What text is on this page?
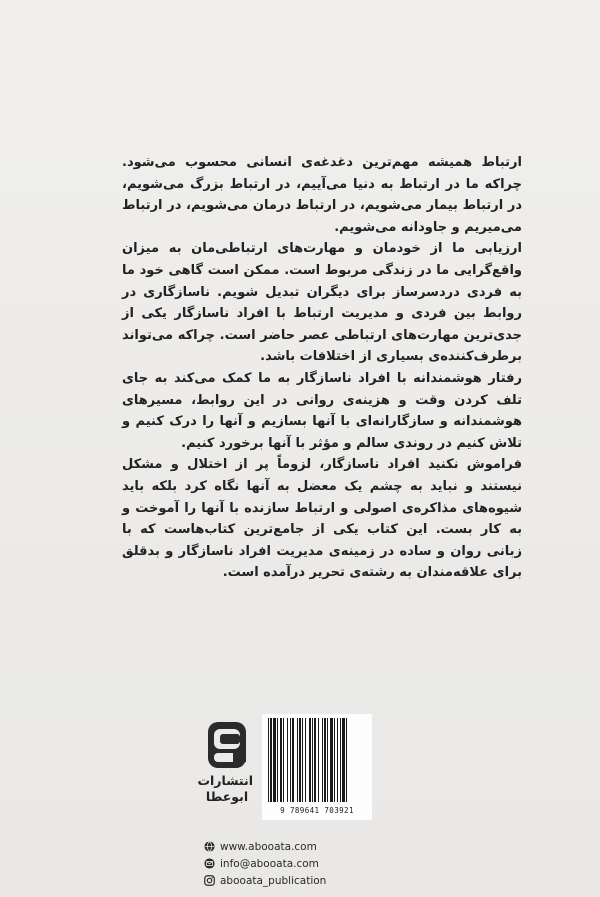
ارتباط همیشه مهم‌ترین دغدغه‌ی انسانی محسوب می‌شود. چراکه ما در ارتباط به دنیا می‌آییم، در ارتباط بزرگ می‌شویم، در ارتباط بیمار می‌شویم، در ارتباط درمان می‌شویم، در ارتباط می‌میریم و جاودانه می‌شویم.

ارزیابی ما از خودمان و مهارت‌های ارتباطی‌مان به میزان واقع‌گرایی ما در زندگی مربوط است. ممکن است گاهی خود ما به فردی دردسرساز برای دیگران تبدیل شویم. ناسازگاری در روابط بین فردی و مدیریت ارتباط با افراد ناسازگار یکی از جدی‌ترین مهارت‌های ارتباطی عصر حاضر است. چراکه می‌تواند برطرف‌کننده‌ی بسیاری از اختلافات باشد.

رفتار هوشمندانه با افراد ناسازگار به ما کمک می‌کند به جای تلف کردن وقت و هزینه‌ی روانی در این روابط، مسیرهای هوشمندانه و سازگارانه‌ای با آنها بسازیم و آنها را درک کنیم و تلاش کنیم در روندی سالم و مؤثر با آنها برخورد کنیم.

فراموش نکنید افراد ناسازگار، لزوماً پر از اختلال و مشکل نیستند و نباید به چشم یک معضل به آنها نگاه کرد بلکه باید شیوه‌های مذاکره‌ی اصولی و ارتباط سازنده با آنها را آموخت و به کار بست. این کتاب یکی از جامع‌ترین کتاب‌هاست که با زبانی روان و ساده در زمینه‌ی مدیریت افراد ناسازگار و بدقلق برای علاقه‌مندان به رشته‌ی تحریر درآمده است.

انتشارات
ابوعطا
9 789641 703921
www.abooata.com
info@abooata.com
abooata_publication
